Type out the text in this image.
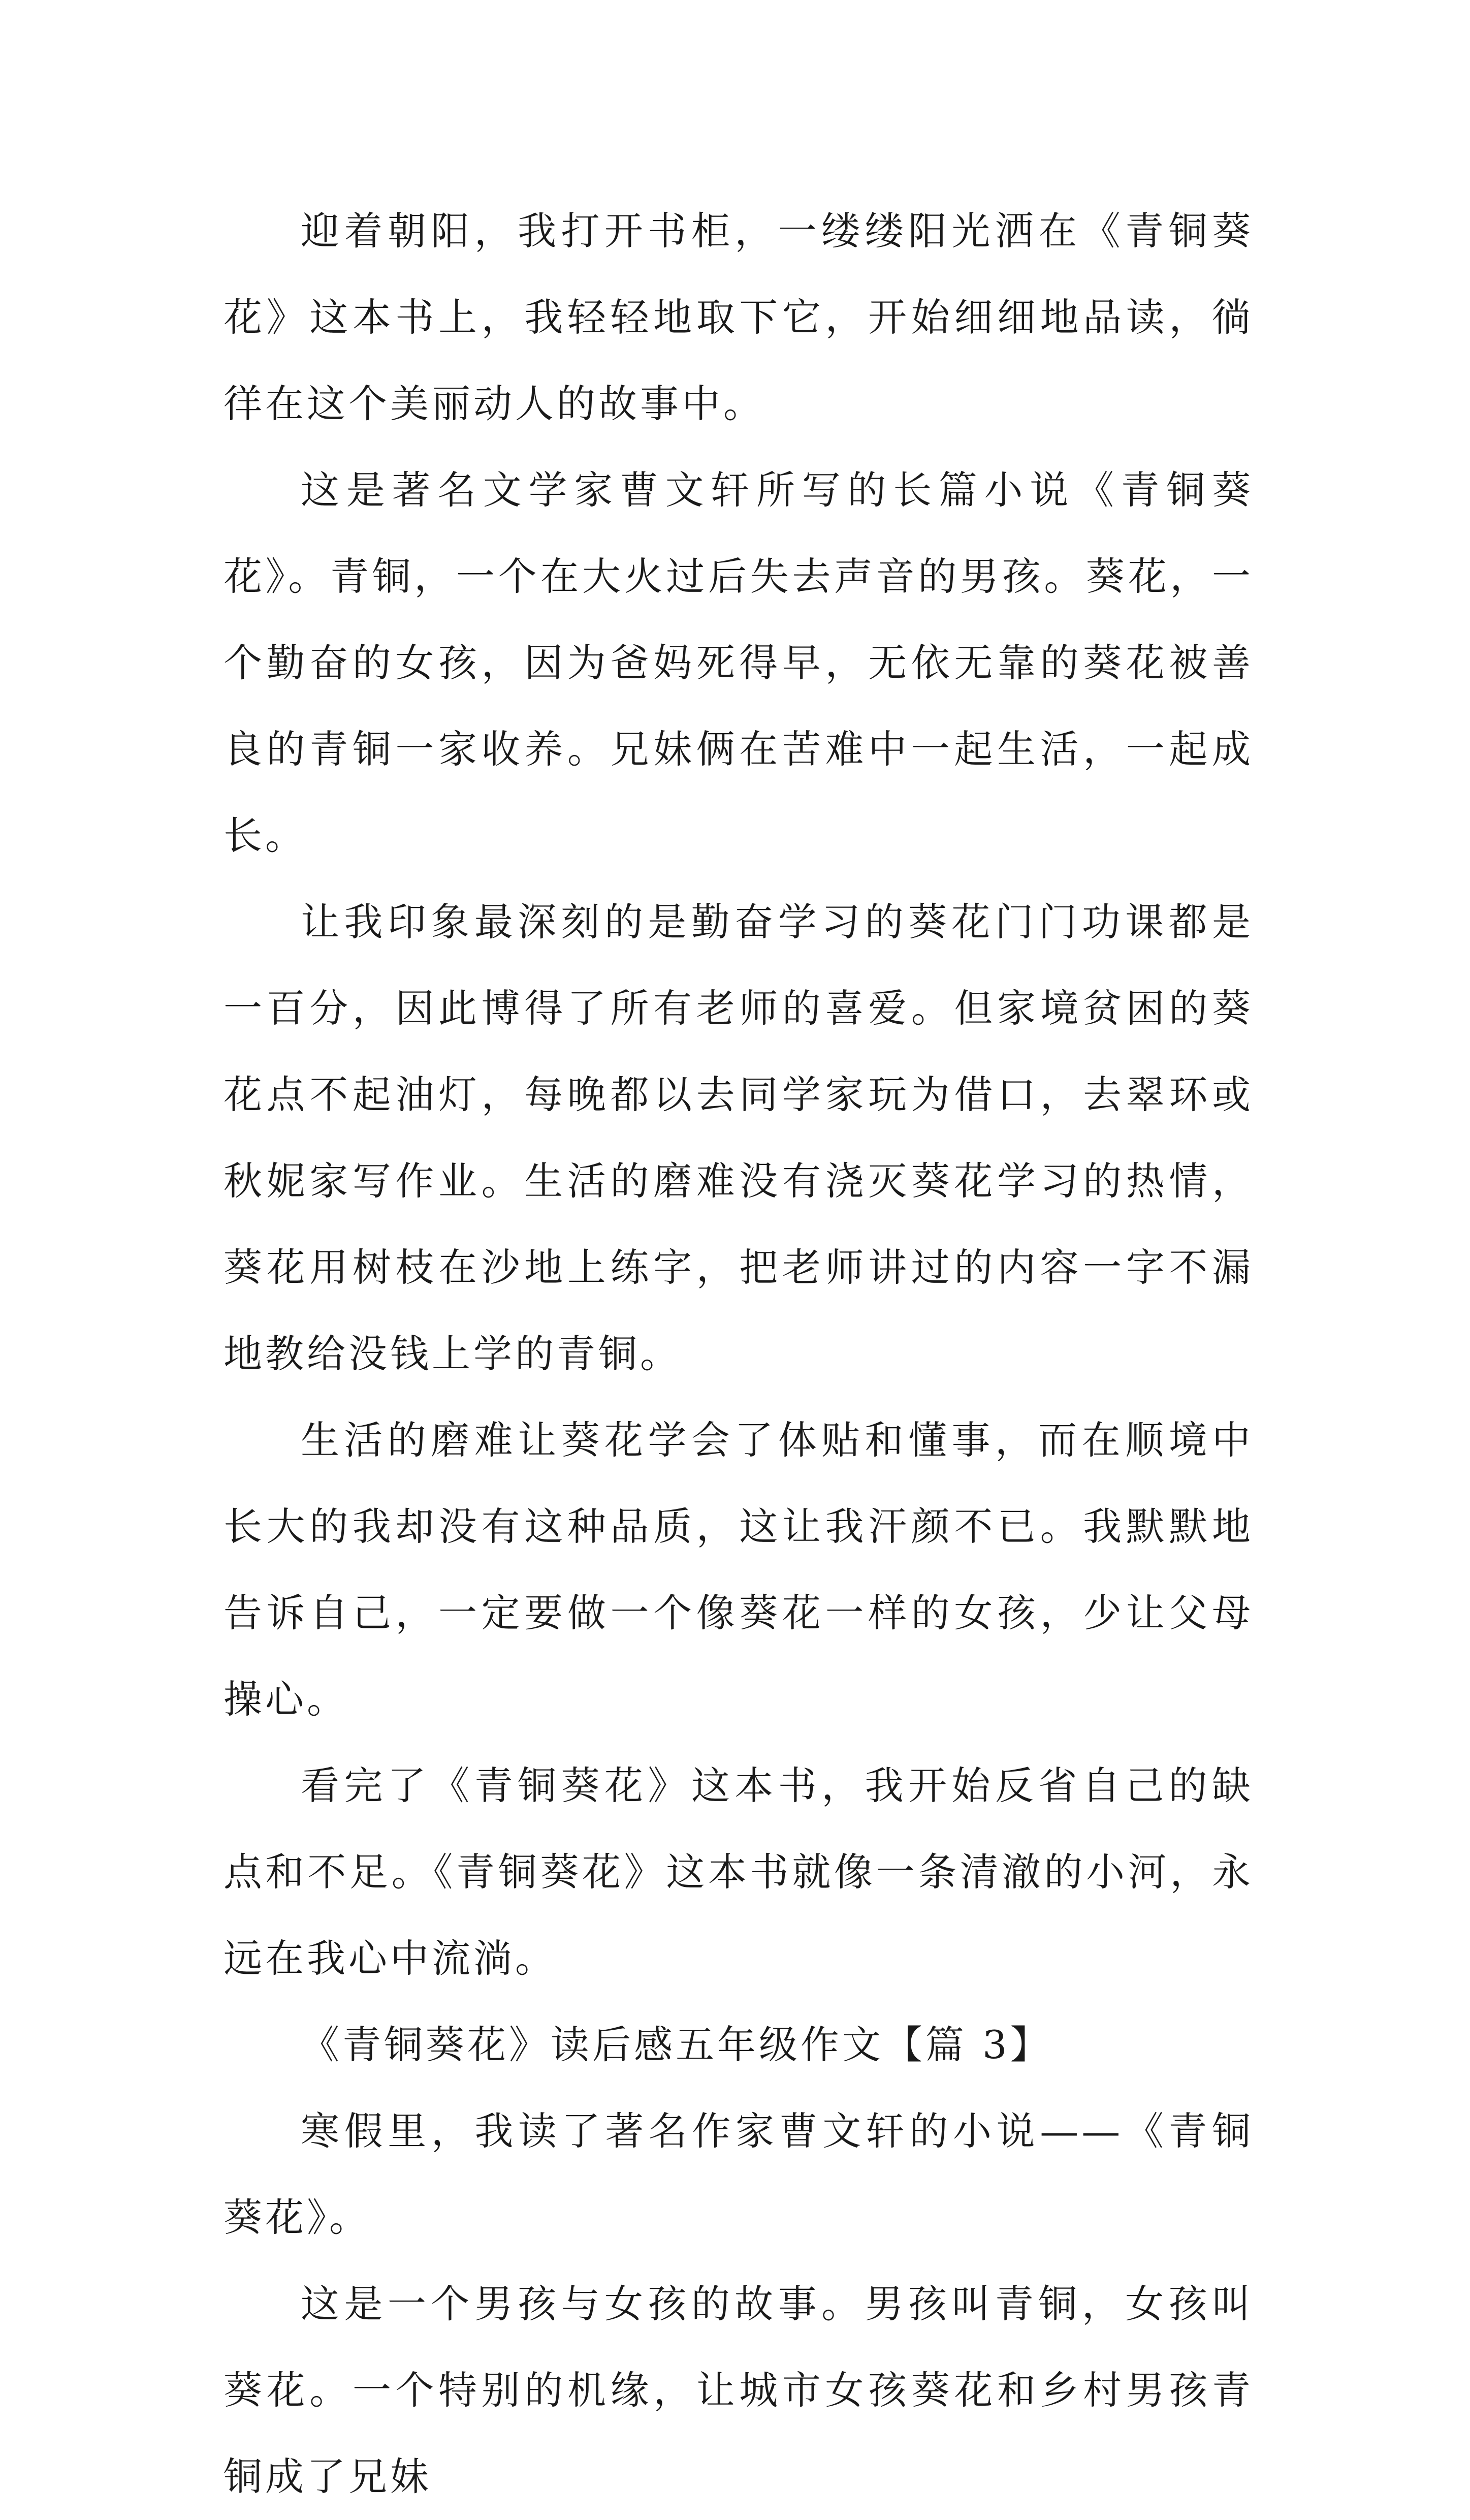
迎着朝阳，我打开书柜，一缕缕阳光洒在《青铜葵花》这本书上，我轻轻地取下它，开始细细地品读，徜徉在这个美丽动人的故事中。

这是著名文学家曹文轩所写的长篇小说《青铜葵花》。青铜，一个在大火过后失去声音的男孩。葵花，一个勤奋的女孩，因为爸妈死得早，无依无靠的葵花被善良的青铜一家收养。兄妹俩在苦难中一起生活，一起成长。

让我印象最深刻的是勤奋学习的葵花门门功课都是一百分，因此博得了所有老师的喜爱。但家境贫困的葵花点不起油灯，每晚都以去同学家玩为借口，去翠环或秋妮家写作业。生活的磨难没有浇灭葵花学习的热情，葵花用树枝在沙地上练字，把老师讲过的内容一字不漏地教给没钱上学的青铜。

生活的磨难让葵花学会了体贴和懂事，而在顺境中长大的我却没有这种品质，这让我汗颜不已。我默默地告诉自己，一定要做一个像葵花一样的女孩，少让父母操心。

看完了《青铜葵花》这本书，我开始反省自己的缺点和不足。《青铜葵花》这本书就像一条清澈的小河，永远在我心中流淌。

《青铜葵花》读后感五年级作文【篇 3】

寒假里，我读了著名作家曹文轩的小说——《青铜葵花》。

这是一个男孩与女孩的故事。男孩叫青铜，女孩叫葵花。一个特别的机缘，让城市女孩葵花和乡村男孩青铜成了兄妹
